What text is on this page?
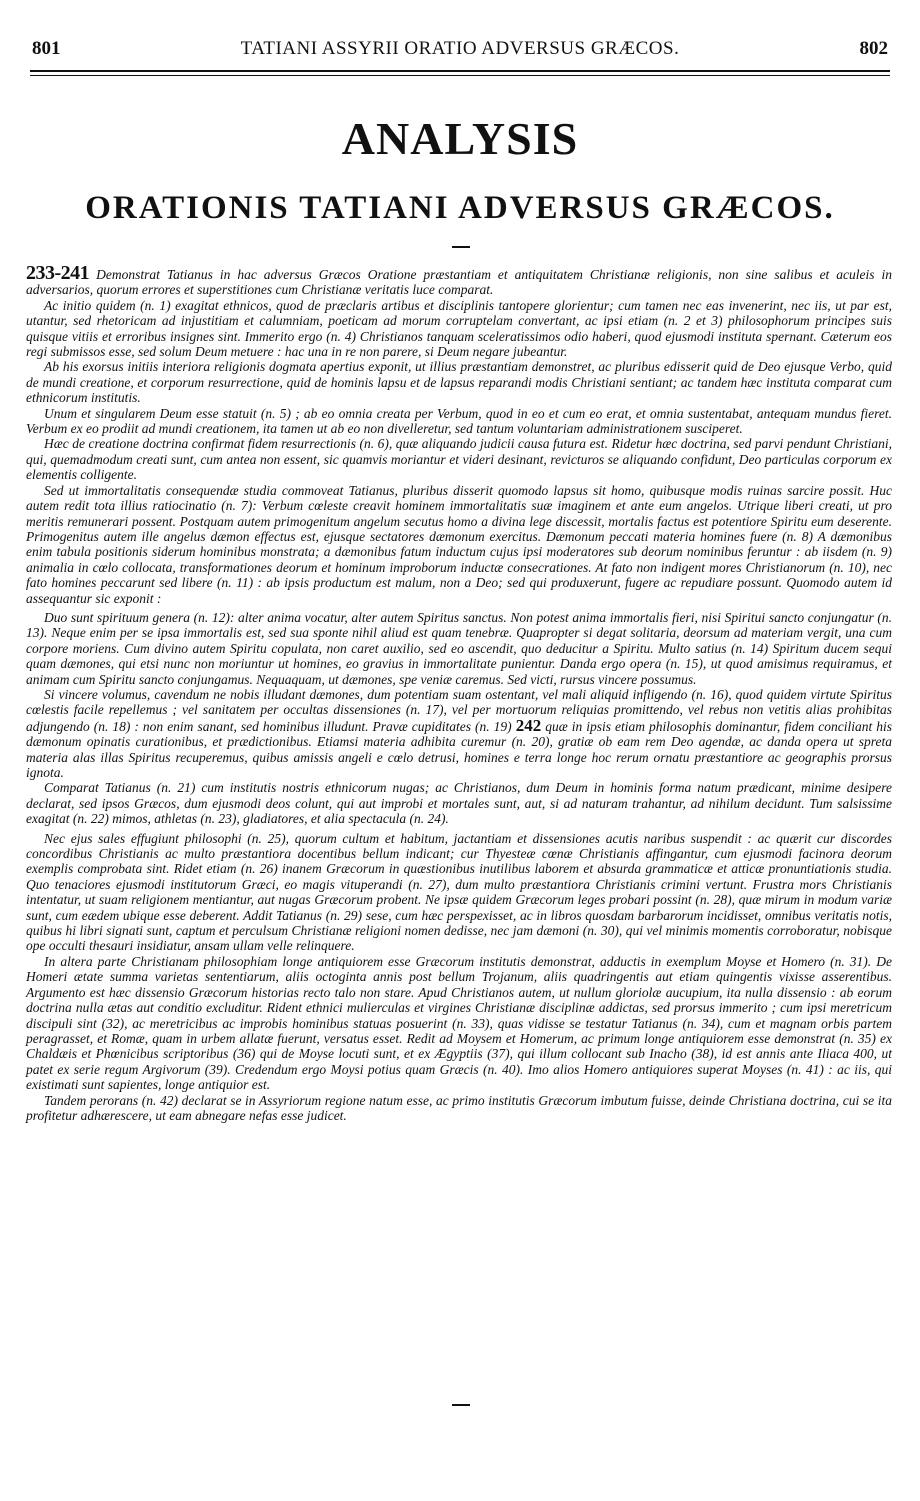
801	TATIANI ASSYRII ORATIO ADVERSUS GRÆCOS.	802
ANALYSIS
ORATIONIS TATIANI ADVERSUS GRÆCOS.

233-241 Demonstrat Tatianus in hac adversus Græcos Oratione præstantiam et antiquitatem Christianæ religionis, non sine salibus et aculeis in adversarios, quorum errores et superstitiones cum Christianæ veritatis luce comparat.

Ac initio quidem (n. 1) exagitat ethnicos, quod de præclaris artibus et disciplinis tantopere glorientur; cum tamen nec eas invenerint, nec iis, ut par est, utantur, sed rhetoricam ad injustitiam et calumniam, poeticam ad morum corruptelam convertant, ac ipsi etiam (n. 2 et 3) philosophorum principes suis quisque vitiis et erroribus insignes sint. Immerito ergo (n. 4) Christianos tanquam sceleratissimos odio haberi, quod ejusmodi instituta spernant. Cæterum eos regi submissos esse, sed solum Deum metuere : hac una in re non parere, si Deum negare jubeantur.

Ab his exorsus initiis interiora religionis dogmata apertius exponit, ut illius præstantiam demonstret, ac pluribus edisserit quid de Deo ejusque Verbo, quid de mundi creatione, et corporum resurrectione, quid de hominis lapsu et de lapsus reparandi modis Christiani sentiant; ac tandem hæc instituta comparat cum ethnicorum institutis.

Unum et singularem Deum esse statuit (n. 5) ; ab eo omnia creata per Verbum, quod in eo et cum eo erat, et omnia sustentabat, antequam mundus fieret. Verbum ex eo prodiit ad mundi creationem, ita tamen ut ab eo non divelleretur, sed tantum voluntariam administrationem susciperet.

Hæc de creatione doctrina confirmat fidem resurrectionis (n. 6), quæ aliquando judicii causa futura est. Ridetur hæc doctrina, sed parvi pendunt Christiani, qui, quemadmodum creati sunt, cum antea non essent, sic quamvis moriantur et videri desinant, revicturos se aliquando confidunt, Deo particulas corporum ex elementis colligente.

Sed ut immortalitatis consequendæ studia commoveat Tatianus, pluribus disserit quomodo lapsus sit homo, quibusque modis ruinas sarcire possit. Huc autem redit tota illius ratiocinatio (n. 7): Verbum cœleste creavit hominem immortalitatis suæ imaginem et ante eum angelos. Utrique liberi creati, ut pro meritis remunerari possent. Postquam autem primogenitum angelum secutus homo a divina lege discessit, mortalis factus est potentiore Spiritu eum deserente. Primogenitus autem ille angelus dæmon effectus est, ejusque sectatores dæmonum exercitus. Dæmonum peccati materia homines fuere (n. 8) A dæmonibus enim tabula positionis siderum hominibus monstrata; a dæmonibus fatum inductum cujus ipsi moderatores sub deorum nominibus feruntur : ab iisdem (n. 9) animalia in cœlo collocata, transformationes deorum et hominum improborum inductæ consecrationes. At fato non indigent mores Christianorum (n. 10), nec fato homines peccarunt sed libere (n. 11) : ab ipsis productum est malum, non a Deo; sed qui produxerunt, fugere ac repudiare possunt. Quomodo autem id assequantur sic exponit :

Duo sunt spirituum genera (n. 12): alter anima vocatur, alter autem Spiritus sanctus. Non potest anima immortalis fieri, nisi Spiritui sancto conjungatur (n. 13). Neque enim per se ipsa immortalis est, sed sua sponte nihil aliud est quam tenebræ. Quapropter si degat solitaria, deorsum ad materiam vergit, una cum corpore moriens. Cum divino autem Spiritu copulata, non caret auxilio, sed eo ascendit, quo deducitur a Spiritu. Multo satius (n. 14) Spiritum ducem sequi quam dæmones, qui etsi nunc non moriuntur ut homines, eo gravius in immortalitate punientur. Danda ergo opera (n. 15), ut quod amisimus requiramus, et animam cum Spiritu sancto conjungamus. Nequaquam, ut dæmones, spe veniæ caremus. Sed victi, rursus vincere possumus.

Si vincere volumus, cavendum ne nobis illudant dæmones, dum potentiam suam ostentant, vel mali aliquid infligendo (n. 16), quod quidem virtute Spiritus cœlestis facile repellemus ; vel sanitatem per occultas dissensiones (n. 17), vel per mortuorum reliquias promittendo, vel rebus non vetitis alias prohibitas adjungendo (n. 18) : non enim sanant, sed hominibus illudunt. Pravæ cupiditates (n. 19) 242 quæ in ipsis etiam philosophis dominantur, fidem conciliant his dæmonum opinatis curationibus, et prædictionibus. Etiamsi materia adhibita curemur (n. 20), gratiæ ob eam rem Deo agendæ, ac danda opera ut spreta materia alas illas Spiritus recuperemus, quibus amissis angeli e cœlo detrusi, homines e terra longe hoc rerum ornatu præstantiore ac geographis prorsus ignota.

Comparat Tatianus (n. 21) cum institutis nostris ethnicorum nugas; ac Christianos, dum Deum in hominis forma natum prædicant, minime desipere declarat, sed ipsos Græcos, dum ejusmodi deos colunt, qui aut improbi et mortales sunt, aut, si ad naturam trahantur, ad nihilum decidunt. Tum salsissime exagitat (n. 22) mimos, athletas (n. 23), gladiatores, et alia spectacula (n. 24).

Nec ejus sales effugiunt philosophi (n. 25), quorum cultum et habitum, jactantiam et dissensiones acutis naribus suspendit : ac quærit cur discordes concordibus Christianis ac multo præstantiora docentibus bellum indicant; cur Thyesteæ cœnæ Christianis affingantur, cum ejusmodi facinora deorum exemplis comprobata sint. Ridet etiam (n. 26) inanem Græcorum in quæstionibus inutilibus laborem et absurda grammaticæ et atticæ pronuntiationis studia. Quo tenaciores ejusmodi institutorum Græci, eo magis vituperandi (n. 27), dum multo præstantiora Christianis crimini vertunt. Frustra mors Christianis intentatur, ut suam religionem mentiantur, aut nugas Græcorum probent. Ne ipsæ quidem Græcorum leges probari possint (n. 28), quæ mirum in modum variæ sunt, cum eædem ubique esse deberent. Addit Tatianus (n. 29) sese, cum hæc perspexisset, ac in libros quosdam barbarorum incidisset, omnibus veritatis notis, quibus hi libri signati sunt, captum et perculsum Christianæ religioni nomen dedisse, nec jam dæmoni (n. 30), qui vel minimis momentis corroboratur, nobisque ope occulti thesauri insidiatur, ansam ullam velle relinquere.

In altera parte Christianam philosophiam longe antiquiorem esse Græcorum institutis demonstrat, adductis in exemplum Moyse et Homero (n. 31). De Homeri ætate summa varietas sententiarum, aliis octoginta annis post bellum Trojanum, aliis quadringentis aut etiam quingentis vixisse asserentibus. Argumento est hæc dissensio Græcorum historias recto talo non stare. Apud Christianos autem, ut nullum gloriolæ aucupium, ita nulla dissensio : ab eorum doctrina nulla ætas aut conditio excluditur. Rident ethnici mulierculas et virgines Christianæ disciplinæ addictas, sed prorsus immerito ; cum ipsi meretricum discipuli sint (32), ac meretricibus ac improbis hominibus statuas posuerint (n. 33), quas vidisse se testatur Tatianus (n. 34), cum et magnam orbis partem peragrasset, et Romæ, quam in urbem allatæ fuerunt, versatus esset. Redit ad Moysem et Homerum, ac primum longe antiquiorem esse demonstrat (n. 35) ex Chaldæis et Phœnicibus scriptoribus (36) qui de Moyse locuti sunt, et ex Ægyptiis (37), qui illum collocant sub Inacho (38), id est annis ante Iliaca 400, ut patet ex serie regum Argivorum (39). Credendum ergo Moysi potius quam Græcis (n. 40). Imo alios Homero antiquiores superat Moyses (n. 41) : ac iis, qui existimati sunt sapientes, longe antiquior est.

Tandem perorans (n. 42) declarat se in Assyriorum regione natum esse, ac primo institutis Græcorum imbutum fuisse, deinde Christiana doctrina, cui se ita profitetur adhærescere, ut eam abnegare nefas esse judicet.
